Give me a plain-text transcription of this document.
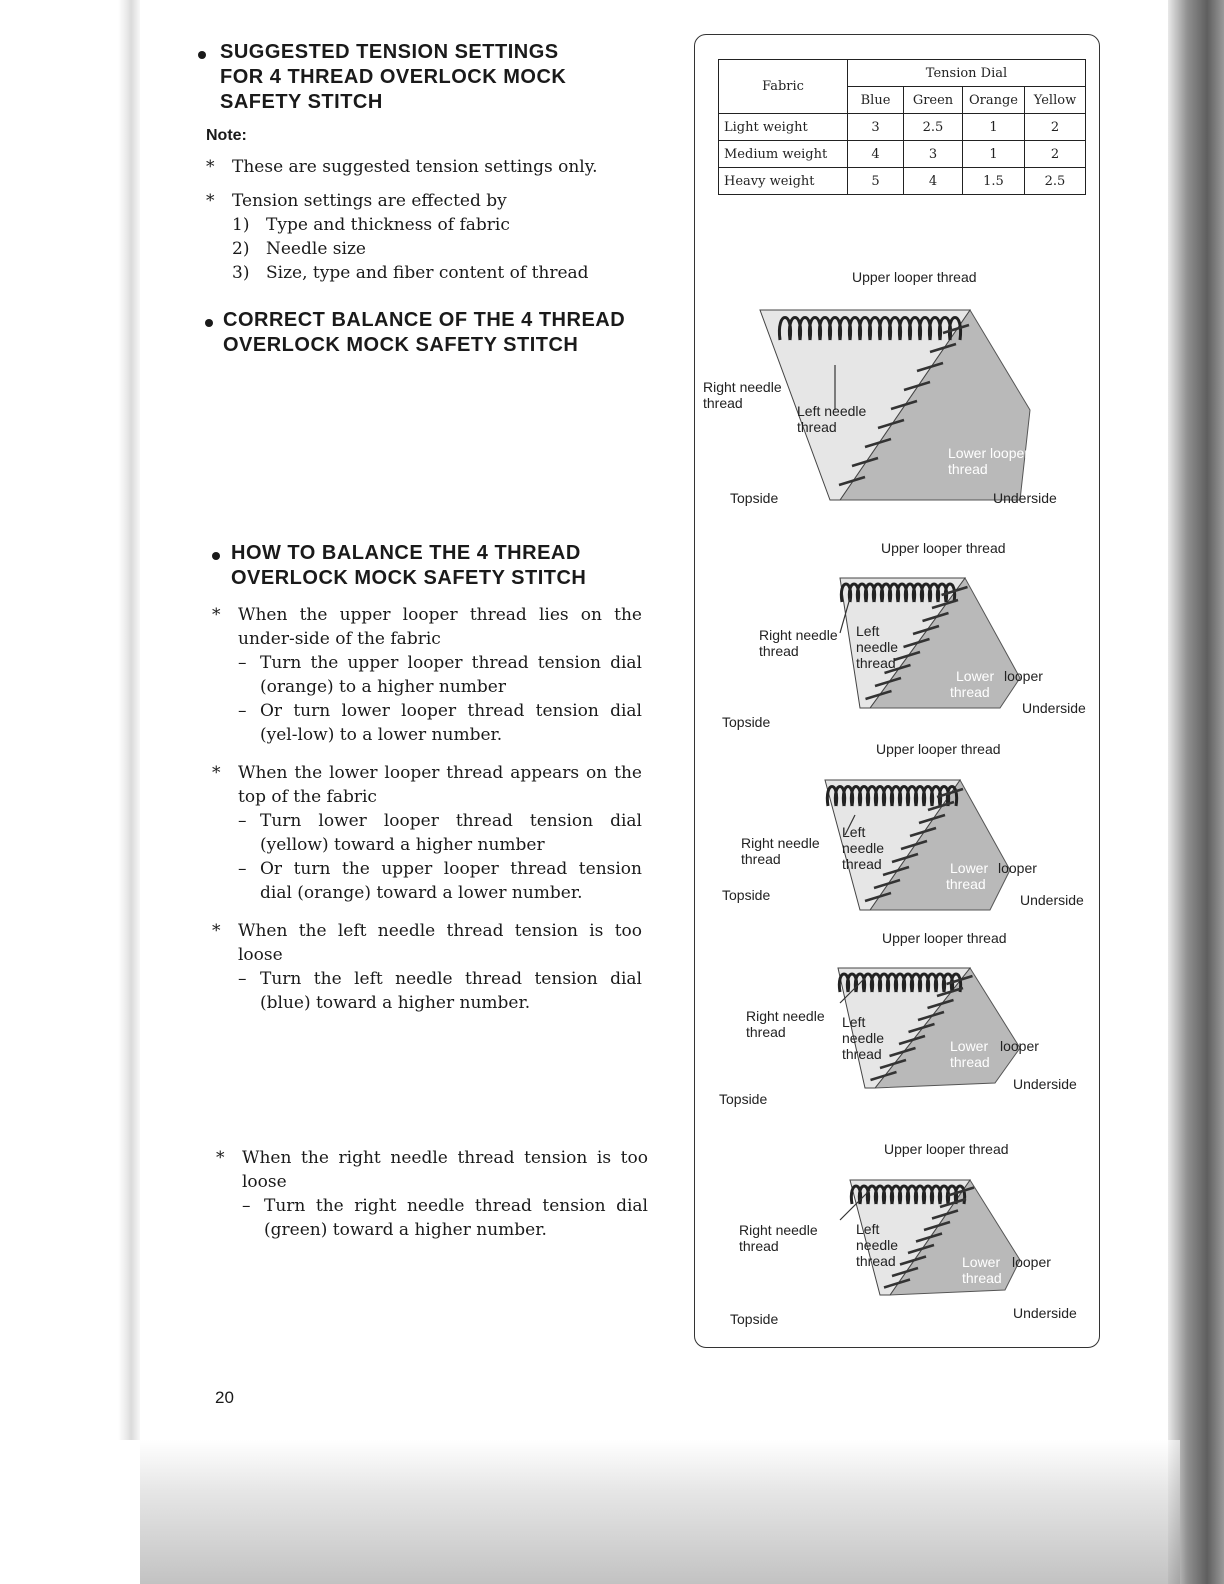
SUGGESTED TENSION SETTINGS
FOR 4 THREAD OVERLOCK MOCK
SAFETY STITCH
Note:
* These are suggested tension settings only.
* Tension settings are effected by
1) Type and thickness of fabric
2) Needle size
3) Size, type and fiber content of thread
CORRECT BALANCE OF THE 4 THREAD
OVERLOCK MOCK SAFETY STITCH
HOW TO BALANCE THE 4 THREAD
OVERLOCK MOCK SAFETY STITCH
* When the upper looper thread lies on the under-side of the fabric
– Turn the upper looper thread tension dial (orange) to a higher number
– Or turn lower looper thread tension dial (yel-low) to a lower number.
* When the lower looper thread appears on the top of the fabric
– Turn lower looper thread tension dial (yellow) toward a higher number
– Or turn the upper looper thread tension dial (orange) toward a lower number.
* When the left needle thread tension is too loose
– Turn the left needle thread tension dial (blue) toward a higher number.
* When the right needle thread tension is too loose
– Turn the right needle thread tension dial (green) toward a higher number.
20
Fabric	Tension Dial			
	Blue	Green	Orange	Yellow
Light weight	3	2.5	1	2
Medium weight	4	3	1	2
Heavy weight	5	4	1.5	2.5
Upper looper thread
Right needle
thread	Left needle
thread
Lower looper
thread
Topside	Underside
Upper looper thread
Right needle
thread
Left
needle
thread
Lower looper
thread
Topside
Underside
Upper looper thread
Right needle
thread
Left
needle
thread	Lower looper
thread
Topside	Underside
Upper looper thread
Right needle
thread
Left
needle
thread	Lower looper
thread
Topside
Underside
Upper looper thread
Right needle
thread
Left
needle
thread	Lower looper
thread
Topside	Underside
